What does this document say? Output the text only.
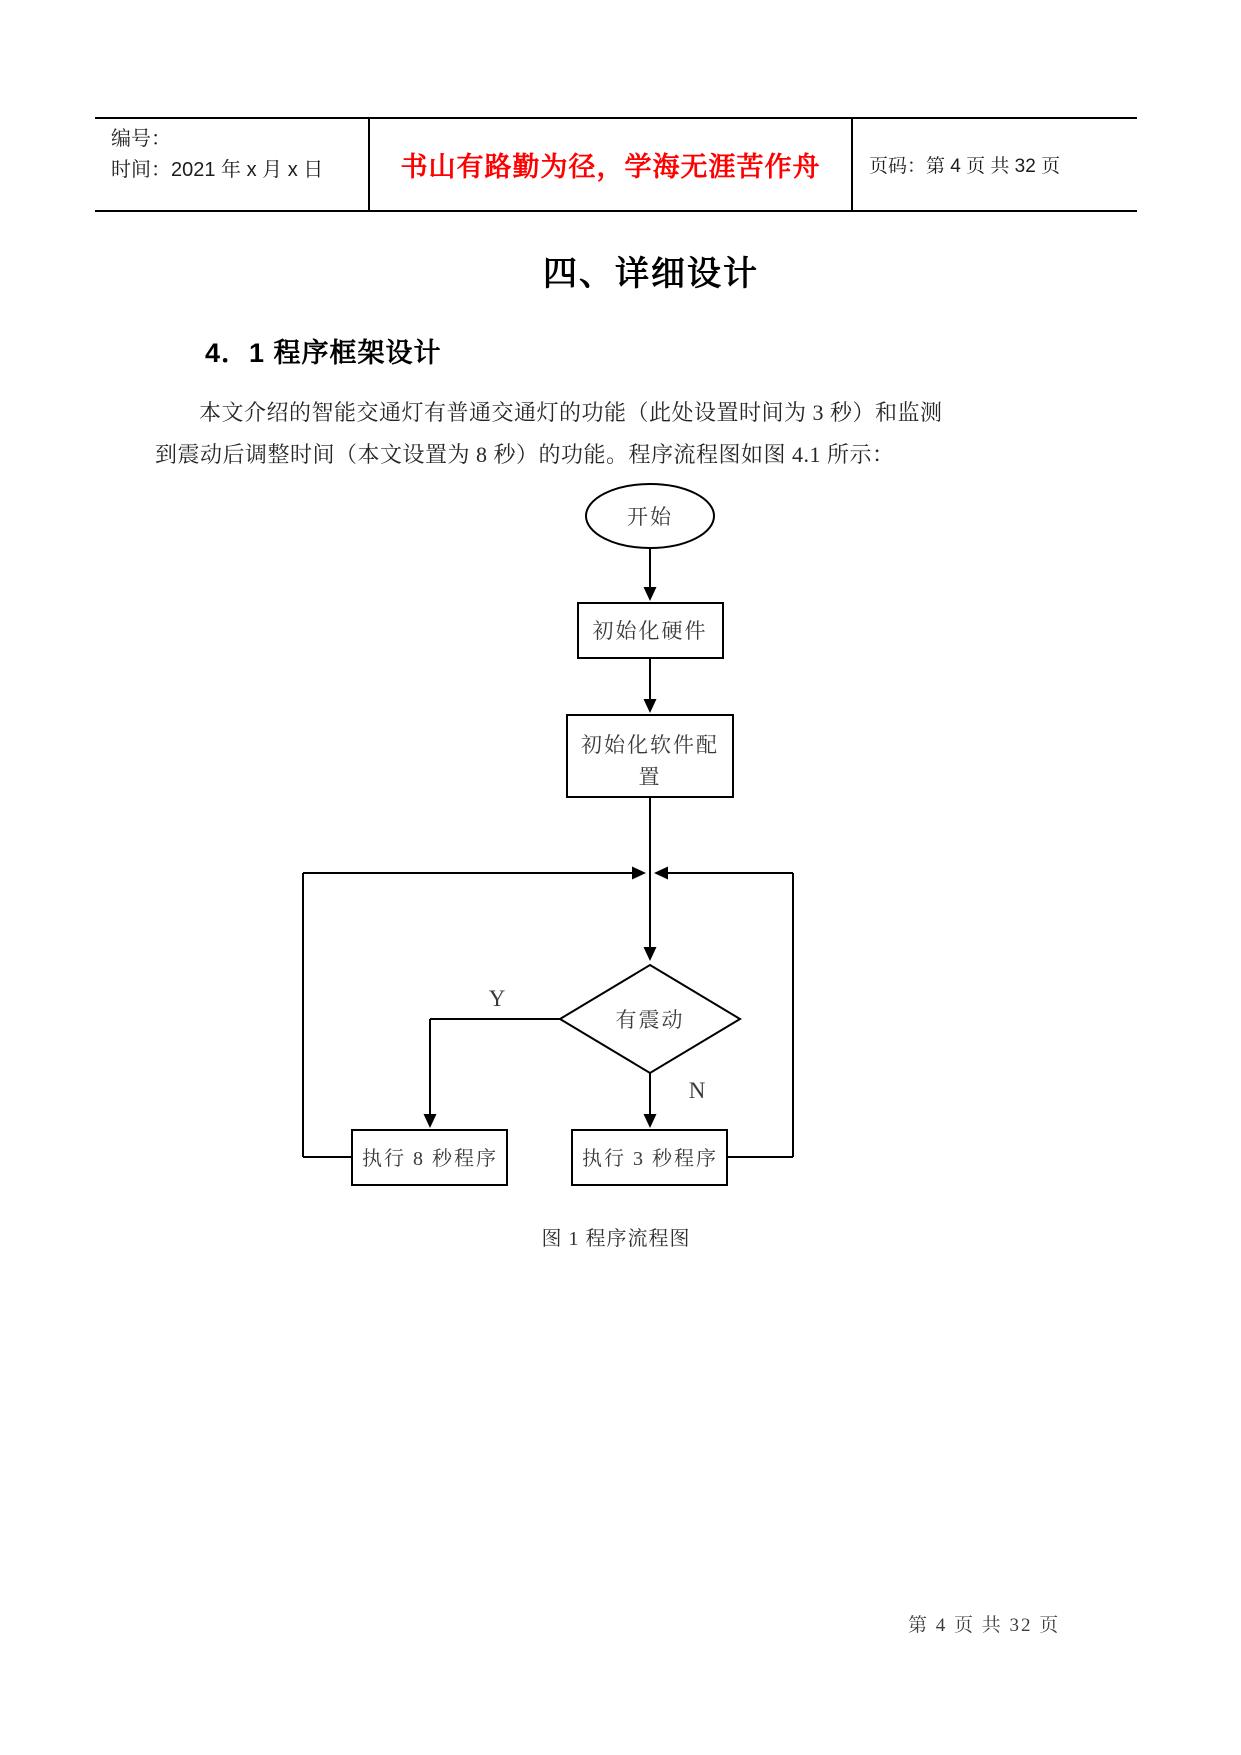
编号：
时间：2021 年 x 月 x 日	书山有路勤为径，学海无涯苦作舟	页码：第 4 页 共 32 页
四、详细设计
4．1 程序框架设计

本文介绍的智能交通灯有普通交通灯的功能（此处设置时间为 3 秒）和监测

到震动后调整时间（本文设置为 8 秒）的功能。程序流程图如图 4.1 所示：

开始
初始化硬件
初始化软件配
置
有震动
Y
N
执行 8 秒程序	执行 3 秒程序
图 1 程序流程图
第 4 页 共 32 页
